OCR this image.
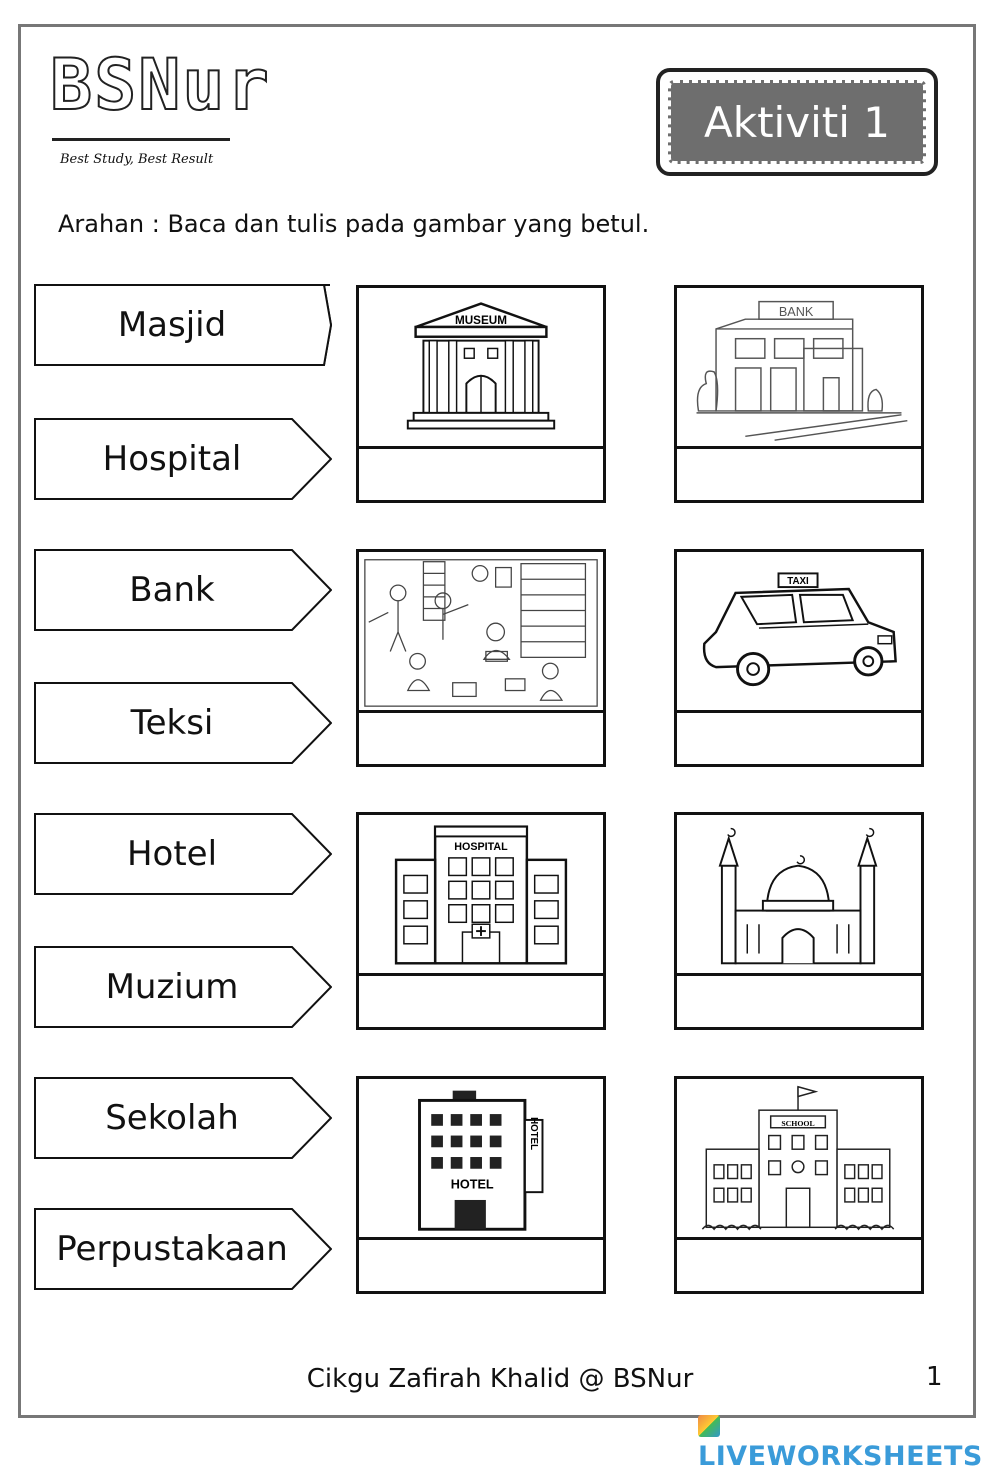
BSNur
Best Study, Best Result
Aktiviti 1
Arahan : Baca dan tulis pada gambar yang betul.
Masjid
Hospital
Bank
Teksi
Hotel
Muzium
Sekolah
Perpustakaan
MUSEUM
BANK
TAXI
HOSPITAL
HOTEL
HOTEL
SCHOOL
Cikgu Zafirah Khalid @ BSNur	1
LIVEWORKSHEETS
